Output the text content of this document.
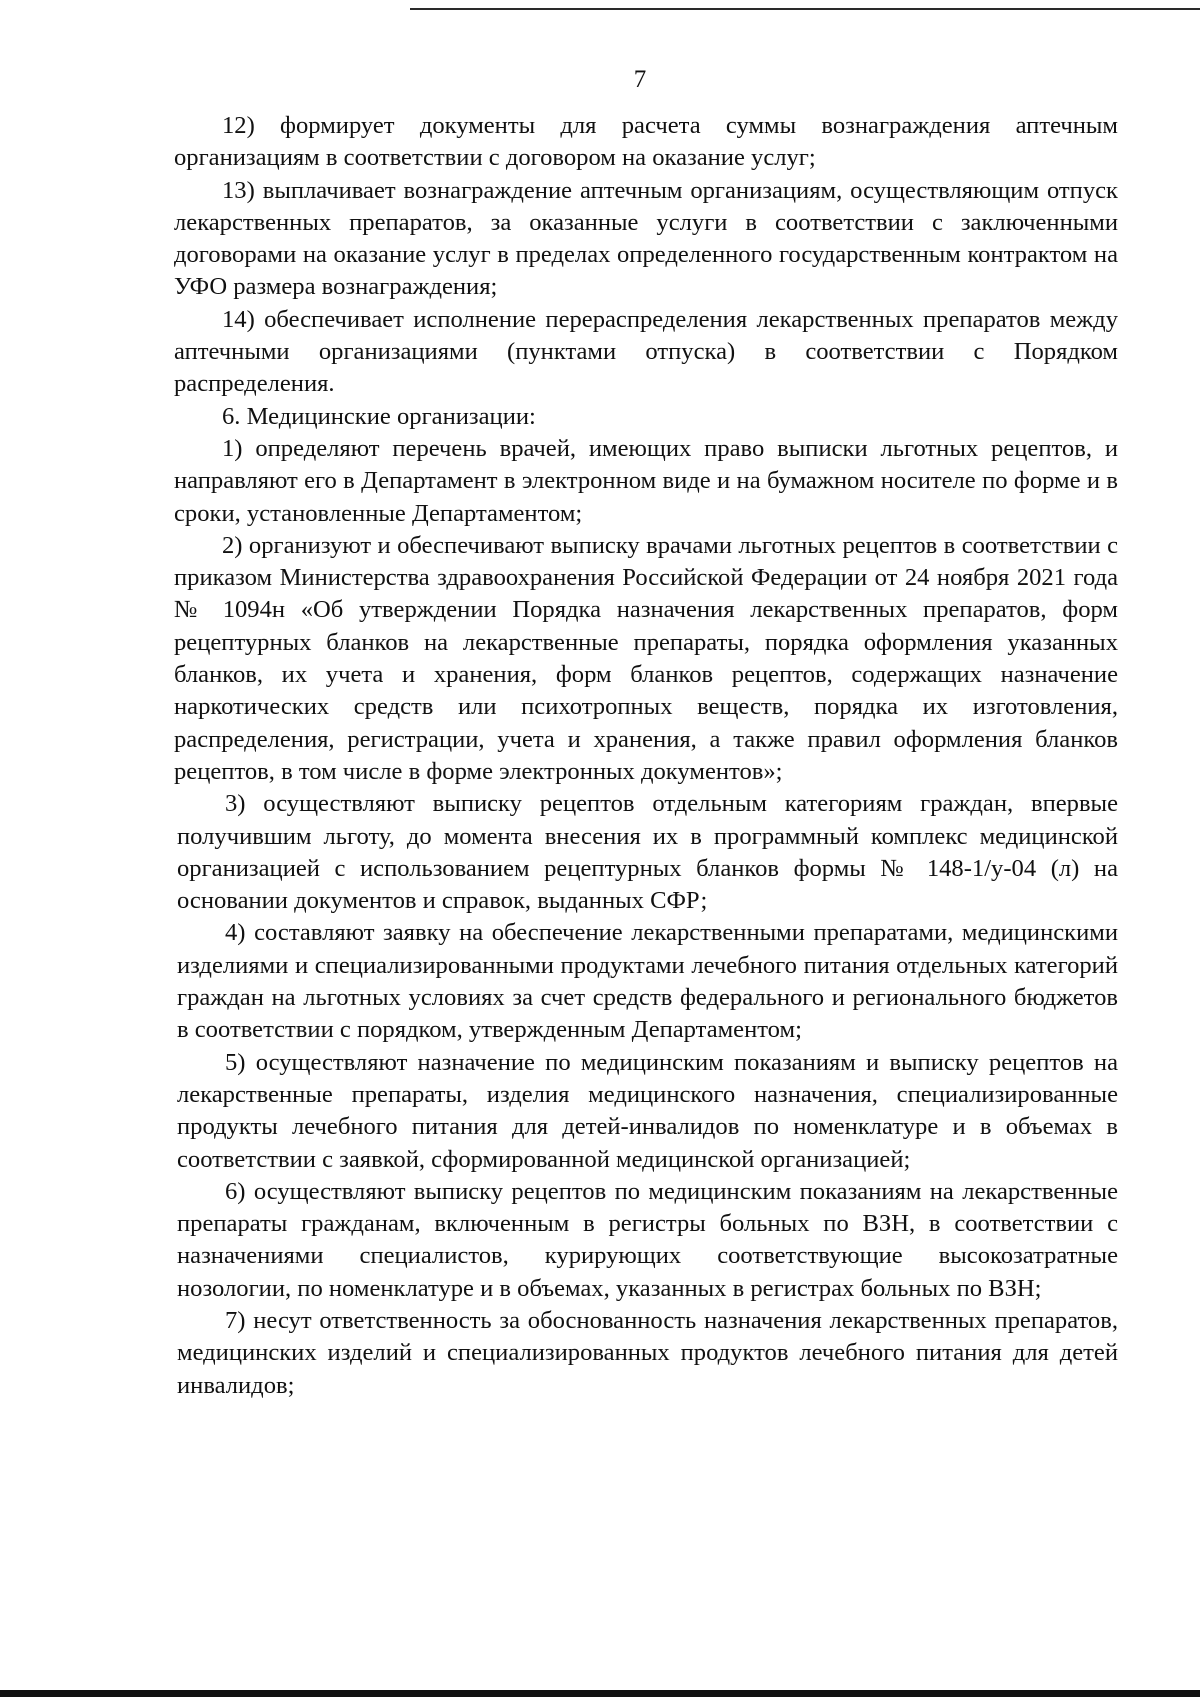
7

12) формирует документы для расчета суммы вознаграждения аптечным организациям в соответствии с договором на оказание услуг;

13) выплачивает вознаграждение аптечным организациям, осуществляющим отпуск лекарственных препаратов, за оказанные услуги в соответствии с заключенными договорами на оказание услуг в пределах определенного государственным контрактом на УФО размера вознаграждения;

14) обеспечивает исполнение перераспределения лекарственных препаратов между аптечными организациями (пунктами отпуска) в соответствии с Порядком распределения.

6. Медицинские организации:

1) определяют перечень врачей, имеющих право выписки льготных рецептов, и направляют его в Департамент в электронном виде и на бумажном носителе по форме и в сроки, установленные Департаментом;

2) организуют и обеспечивают выписку врачами льготных рецептов в соответствии с приказом Министерства здравоохранения Российской Федерации от 24 ноября 2021 года № 1094н «Об утверждении Порядка назначения лекарственных препаратов, форм рецептурных бланков на лекарственные препараты, порядка оформления указанных бланков, их учета и хранения, форм бланков рецептов, содержащих назначение наркотических средств или психотропных веществ, порядка их изготовления, распределения, регистрации, учета и хранения, а также правил оформления бланков рецептов, в том числе в форме электронных документов»;

3) осуществляют выписку рецептов отдельным категориям граждан, впервые получившим льготу, до момента внесения их в программный комплекс медицинской организацией с использованием рецептурных бланков формы № 148-1/у-04 (л) на основании документов и справок, выданных СФР;

4) составляют заявку на обеспечение лекарственными препаратами, медицинскими изделиями и специализированными продуктами лечебного питания отдельных категорий граждан на льготных условиях за счет средств федерального и регионального бюджетов в соответствии с порядком, утвержденным Департаментом;

5) осуществляют назначение по медицинским показаниям и выписку рецептов на лекарственные препараты, изделия медицинского назначения, специализированные продукты лечебного питания для детей-инвалидов по номенклатуре и в объемах в соответствии с заявкой, сформированной медицинской организацией;

6) осуществляют выписку рецептов по медицинским показаниям на лекарственные препараты гражданам, включенным в регистры больных по ВЗН, в соответствии с назначениями специалистов, курирующих соответствующие высокозатратные нозологии, по номенклатуре и в объемах, указанных в регистрах больных по ВЗН;

7) несут ответственность за обоснованность назначения лекарственных препаратов, медицинских изделий и специализированных продуктов лечебного питания для детей инвалидов;
